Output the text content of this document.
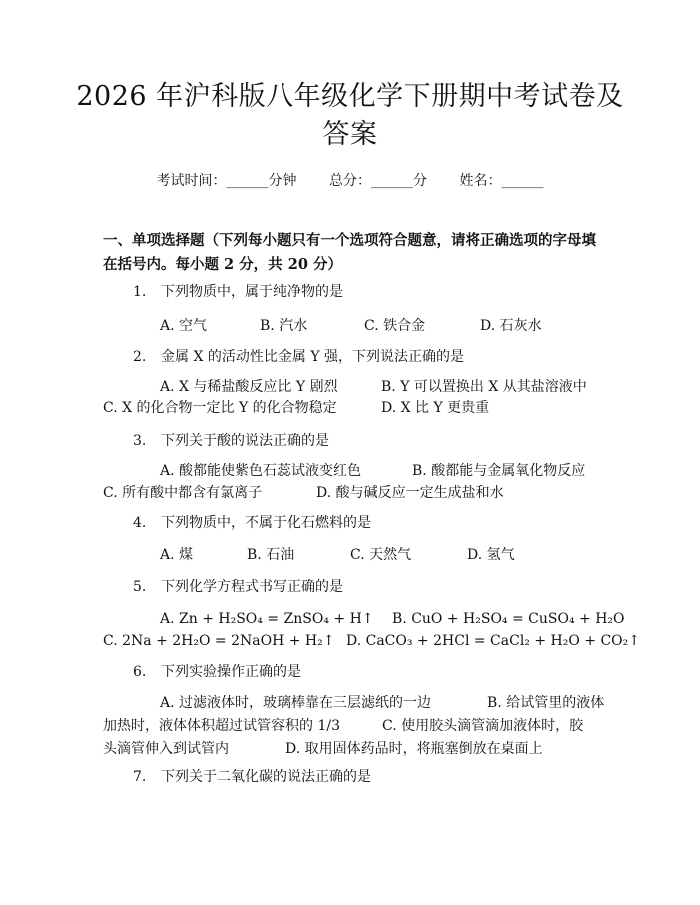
2026 年沪科版八年级化学下册期中考试卷及
答案
考试时间：______分钟 总分：______分 姓名：______
一、单项选择题（下列每小题只有一个选项符合题意，请将正确选项的字母填在括号内。每小题 2 分，共 20 分）
1. 下列物质中，属于纯净物的是
A. 空气	B. 汽水	C. 铁合金	D. 石灰水
2. 金属 X 的活动性比金属 Y 强，下列说法正确的是
A. X 与稀盐酸反应比 Y 剧烈	B. Y 可以置换出 X 从其盐溶液中
C. X 的化合物一定比 Y 的化合物稳定	D. X 比 Y 更贵重
3. 下列关于酸的说法正确的是
A. 酸都能使紫色石蕊试液变红色	B. 酸都能与金属氧化物反应
C. 所有酸中都含有氯离子	D. 酸与碱反应一定生成盐和水
4. 下列物质中，不属于化石燃料的是
A. 煤	B. 石油	C. 天然气	D. 氢气
5. 下列化学方程式书写正确的是
A. Zn + H₂SO₄ = ZnSO₄ + H↑ B. CuO + H₂SO₄ = CuSO₄ + H₂O
C. 2Na + 2H₂O = 2NaOH + H₂↑ D. CaCO₃ + 2HCl = CaCl₂ + H₂O + CO₂↑
6. 下列实验操作正确的是
A. 过滤液体时，玻璃棒靠在三层滤纸的一边　　　　B. 给试管里的液体
加热时，液体体积超过试管容积的 1/3　　　C. 使用胶头滴管滴加液体时，胶
头滴管伸入到试管内　　　　D. 取用固体药品时，将瓶塞倒放在桌面上
7. 下列关于二氧化碳的说法正确的是
